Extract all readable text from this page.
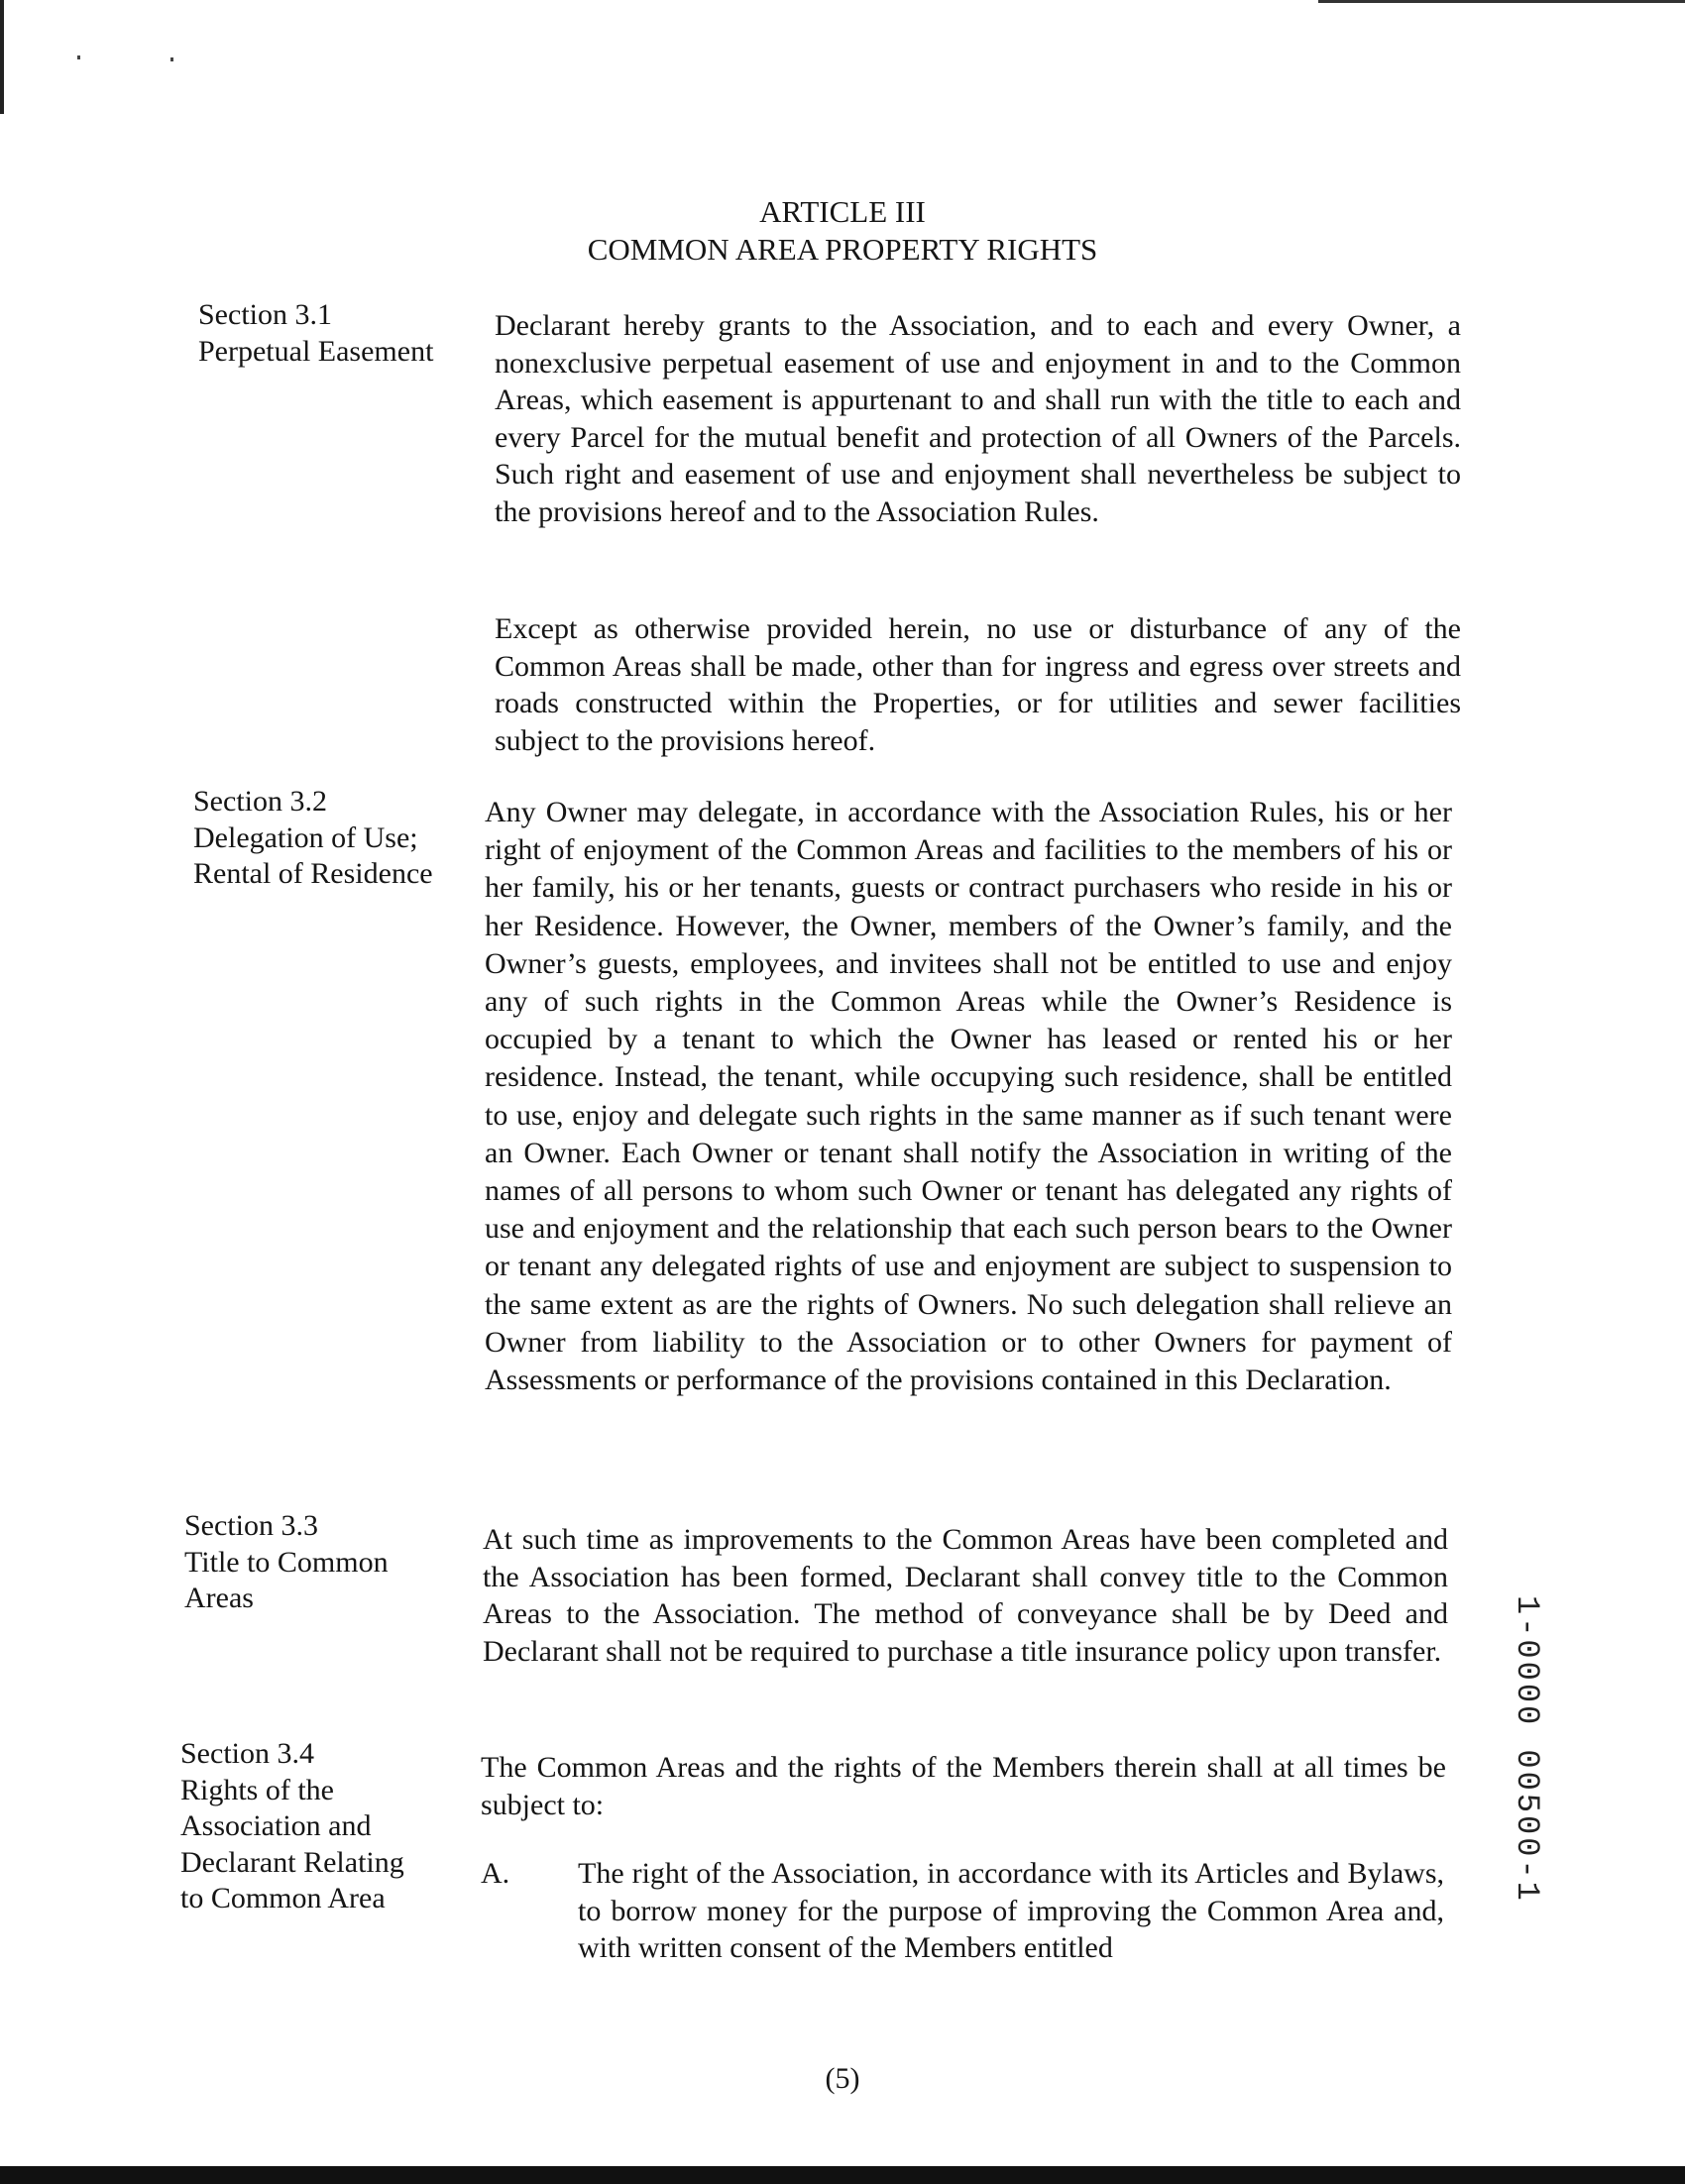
ARTICLE III
COMMON AREA PROPERTY RIGHTS
Section 3.1
Perpetual Easement
Declarant hereby grants to the Association, and to each and every Owner, a nonexclusive perpetual easement of use and enjoyment in and to the Common Areas, which easement is appurtenant to and shall run with the title to each and every Parcel for the mutual benefit and protection of all Owners of the Parcels. Such right and easement of use and enjoyment shall nevertheless be subject to the provisions hereof and to the Association Rules.
Except as otherwise provided herein, no use or disturbance of any of the Common Areas shall be made, other than for ingress and egress over streets and roads constructed within the Properties, or for utilities and sewer facilities subject to the provisions hereof.
Section 3.2
Delegation of Use;
Rental of Residence
Any Owner may delegate, in accordance with the Association Rules, his or her right of enjoyment of the Common Areas and facilities to the members of his or her family, his or her tenants, guests or contract purchasers who reside in his or her Residence. However, the Owner, members of the Owner’s family, and the Owner’s guests, employees, and invitees shall not be entitled to use and enjoy any of such rights in the Common Areas while the Owner’s Residence is occupied by a tenant to which the Owner has leased or rented his or her residence. Instead, the tenant, while occupying such residence, shall be entitled to use, enjoy and delegate such rights in the same manner as if such tenant were an Owner. Each Owner or tenant shall notify the Association in writing of the names of all persons to whom such Owner or tenant has delegated any rights of use and enjoyment and the relationship that each such person bears to the Owner or tenant any delegated rights of use and enjoyment are subject to suspension to the same extent as are the rights of Owners. No such delegation shall relieve an Owner from liability to the Association or to other Owners for payment of Assessments or performance of the provisions contained in this Declaration.
Section 3.3
Title to Common
Areas
At such time as improvements to the Common Areas have been completed and the Association has been formed, Declarant shall convey title to the Common Areas to the Association. The method of conveyance shall be by Deed and Declarant shall not be required to purchase a title insurance policy upon transfer.
Section 3.4
Rights of the
Association and
Declarant Relating
to Common Area
The Common Areas and the rights of the Members therein shall at all times be subject to:
A. The right of the Association, in accordance with its Articles and Bylaws, to borrow money for the purpose of improving the Common Area and, with written consent of the Members entitled
(5)
1-0000 00500-1
